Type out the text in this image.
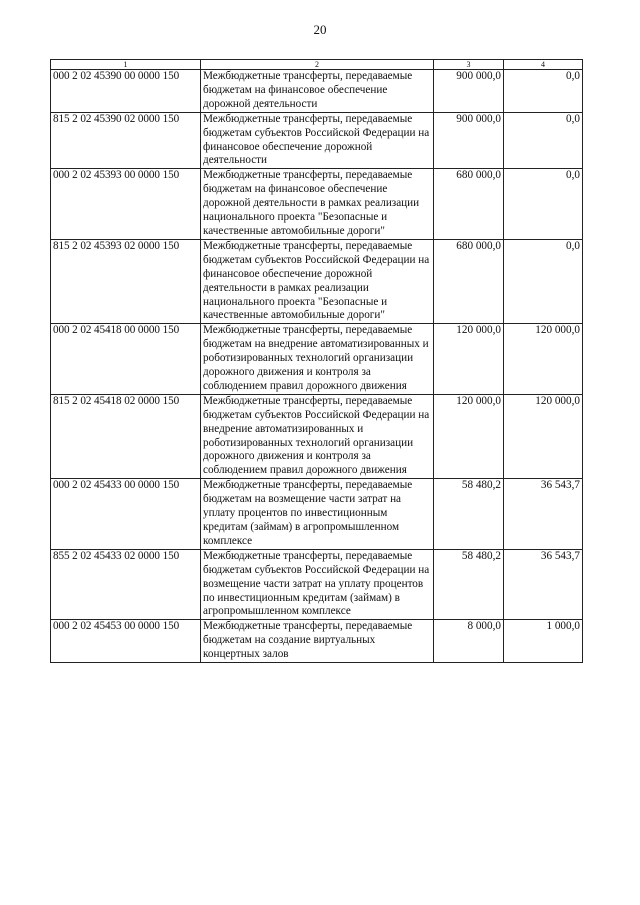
20
1	2	3	4
000 2 02 45390 00 0000 150	Межбюджетные трансферты, передаваемые бюджетам на финансовое обеспечение дорожной деятельности	900 000,0	0,0
815 2 02 45390 02 0000 150	Межбюджетные трансферты, передаваемые бюджетам субъектов Российской Федерации на финансовое обеспечение дорожной деятельности	900 000,0	0,0
000 2 02 45393 00 0000 150	Межбюджетные трансферты, передаваемые бюджетам на финансовое обеспечение дорожной деятельности в рамках реализации национального проекта "Безопасные и качественные автомобильные дороги"	680 000,0	0,0
815 2 02 45393 02 0000 150	Межбюджетные трансферты, передаваемые бюджетам субъектов Российской Федерации на финансовое обеспечение дорожной деятельности в рамках реализации национального проекта "Безопасные и качественные автомобильные дороги"	680 000,0	0,0
000 2 02 45418 00 0000 150	Межбюджетные трансферты, передаваемые бюджетам на внедрение автоматизированных и роботизированных технологий организации дорожного движения и контроля за соблюдением правил дорожного движения	120 000,0	120 000,0
815 2 02 45418 02 0000 150	Межбюджетные трансферты, передаваемые бюджетам субъектов Российской Федерации на внедрение автоматизированных и роботизированных технологий организации дорожного движения и контроля за соблюдением правил дорожного движения	120 000,0	120 000,0
000 2 02 45433 00 0000 150	Межбюджетные трансферты, передаваемые бюджетам на возмещение части затрат на уплату процентов по инвестиционным кредитам (займам) в агропромышленном комплексе	58 480,2	36 543,7
855 2 02 45433 02 0000 150	Межбюджетные трансферты, передаваемые бюджетам субъектов Российской Федерации на возмещение части затрат на уплату процентов по инвестиционным кредитам (займам) в агропромышленном комплексе	58 480,2	36 543,7
000 2 02 45453 00 0000 150	Межбюджетные трансферты, передаваемые бюджетам на создание виртуальных концертных залов	8 000,0	1 000,0
